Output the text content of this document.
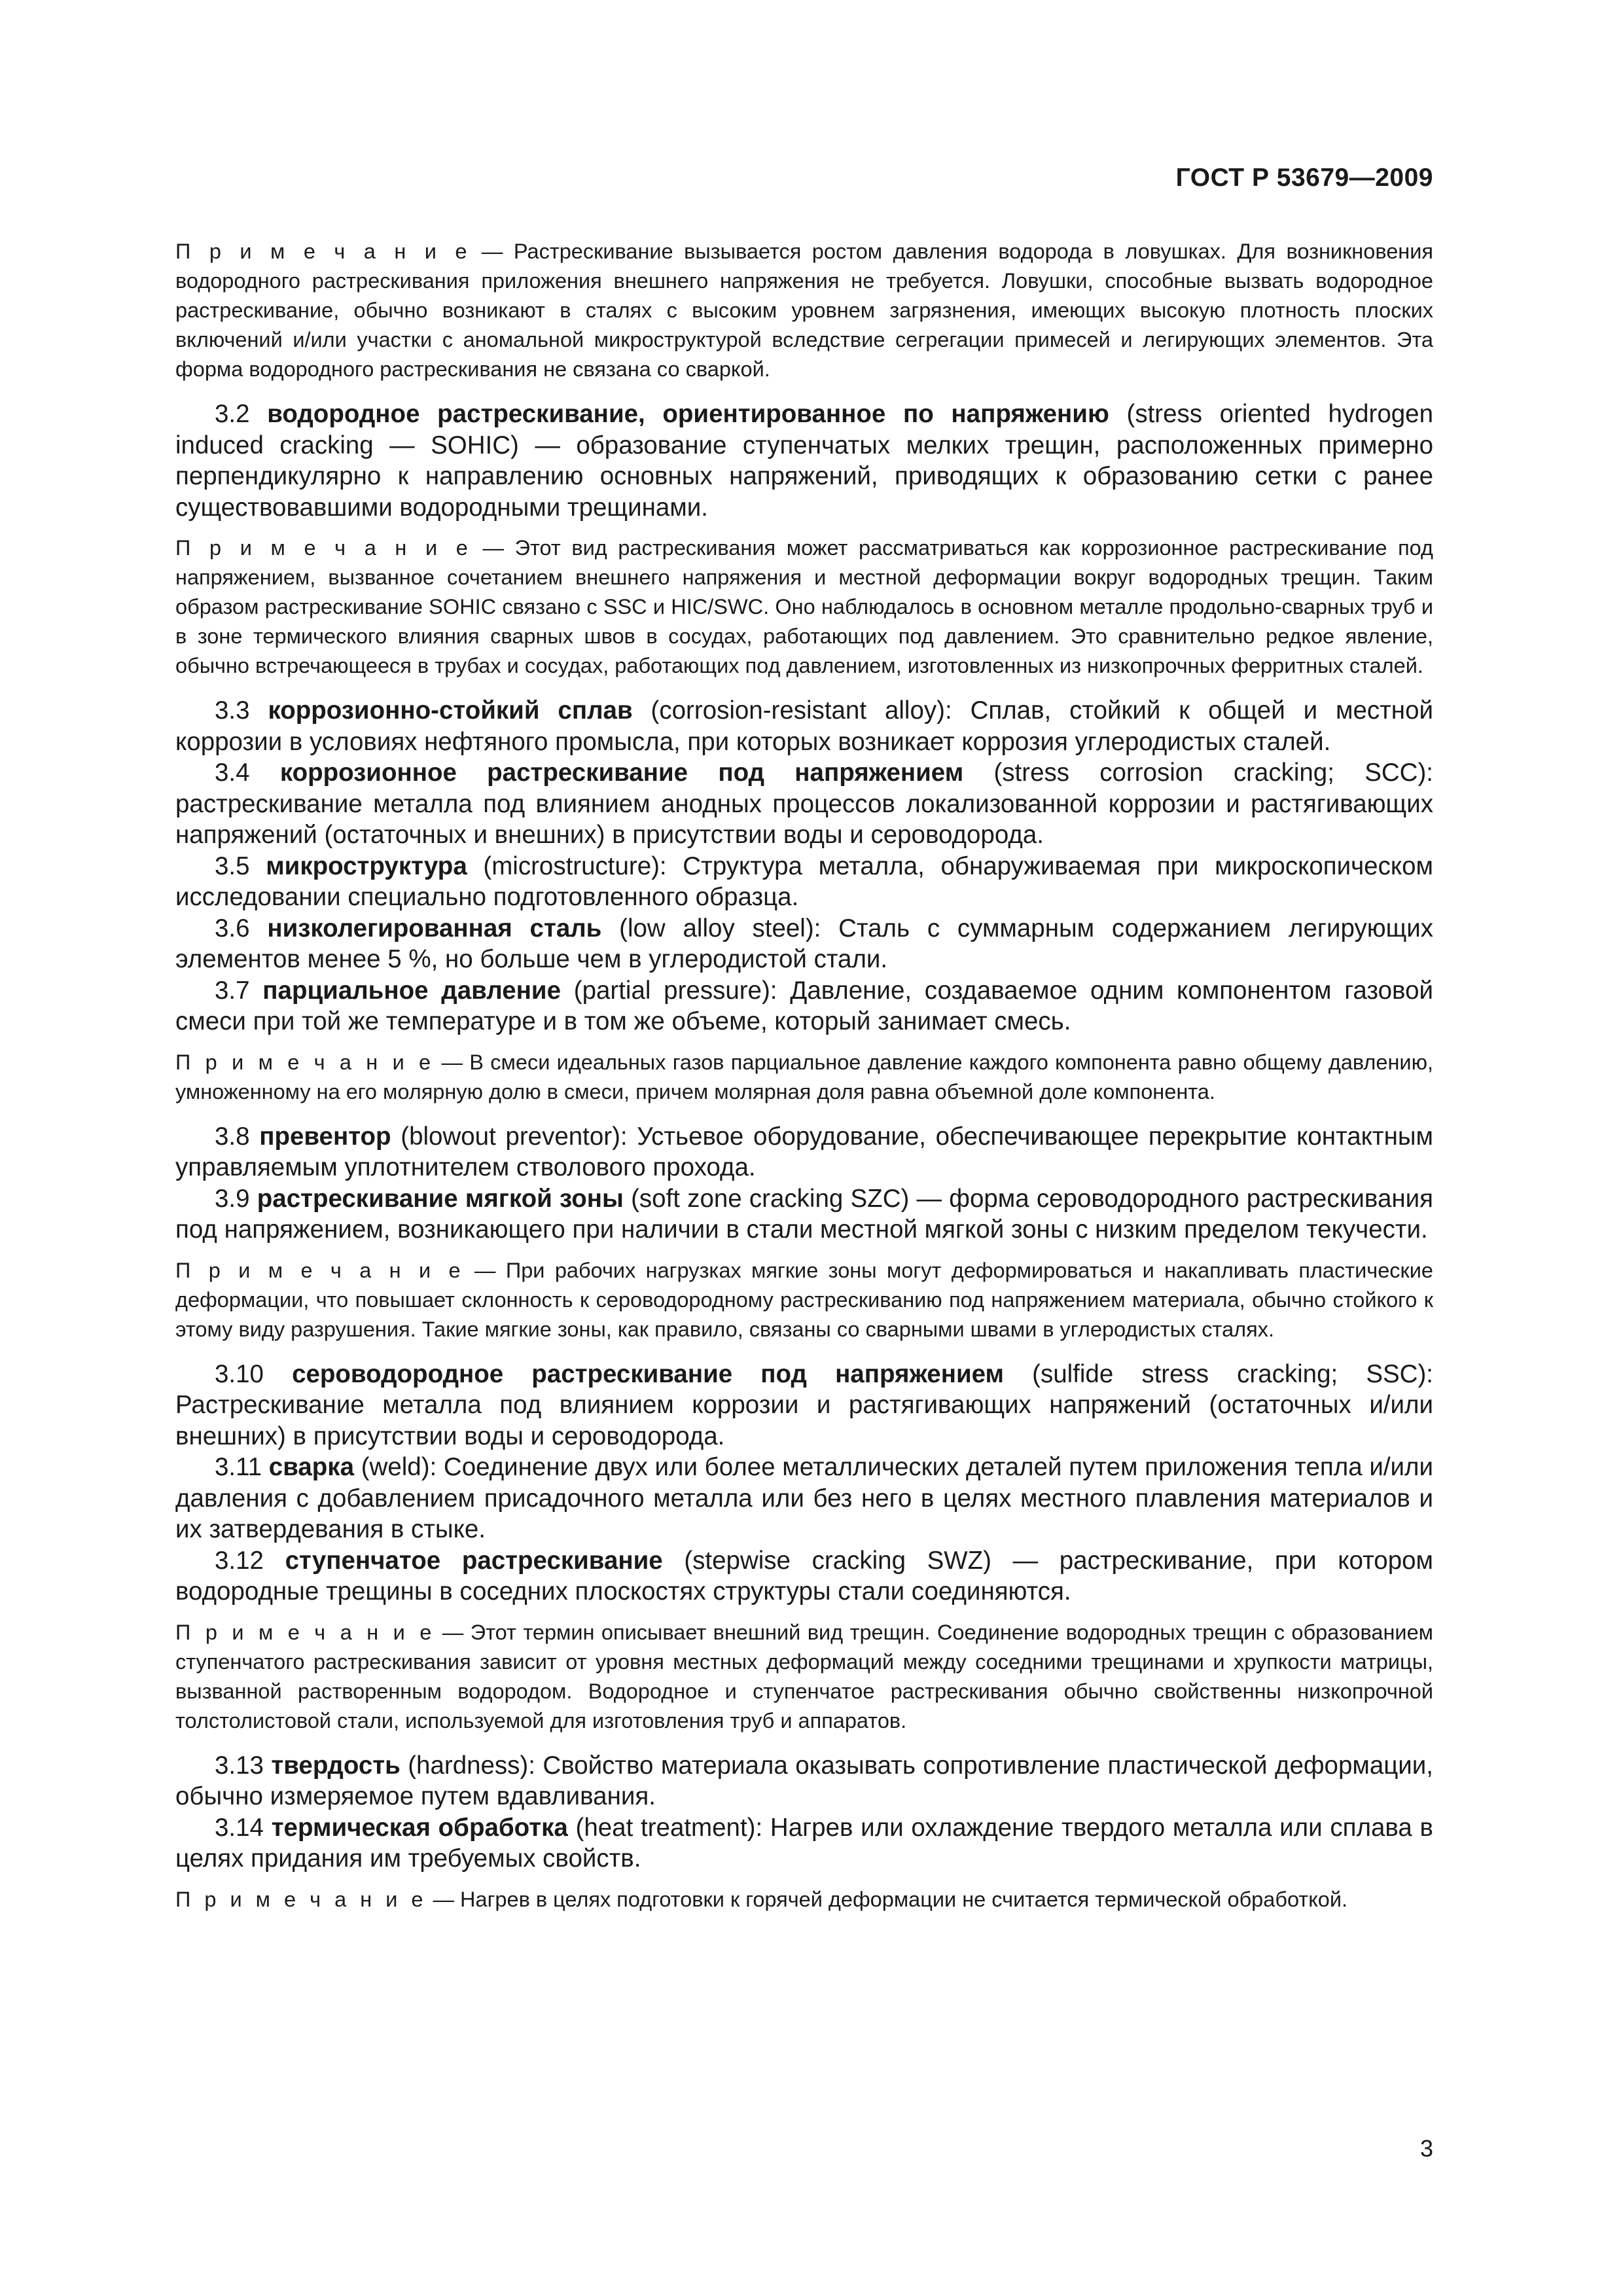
ГОСТ Р 53679—2009

П р и м е ч а н и е — Растрескивание вызывается ростом давления водорода в ловушках. Для возникновения водородного растрескивания приложения внешнего напряжения не требуется. Ловушки, способные вызвать водородное растрескивание, обычно возникают в сталях с высоким уровнем загрязнения, имеющих высокую плотность плоских включений и/или участки с аномальной микроструктурой вследствие сегрегации примесей и легирующих элементов. Эта форма водородного растрескивания не связана со сваркой.

3.2 водородное растрескивание, ориентированное по напряжению (stress oriented hydrogen induced cracking — SOHIC) — образование ступенчатых мелких трещин, расположенных примерно перпендикулярно к направлению основных напряжений, приводящих к образованию сетки с ранее существовавшими водородными трещинами.

П р и м е ч а н и е — Этот вид растрескивания может рассматриваться как коррозионное растрескивание под напряжением, вызванное сочетанием внешнего напряжения и местной деформации вокруг водородных трещин. Таким образом растрескивание SOHIC связано с SSC и HIC/SWC. Оно наблюдалось в основном металле продольно-сварных труб и в зоне термического влияния сварных швов в сосудах, работающих под давлением. Это сравнительно редкое явление, обычно встречающееся в трубах и сосудах, работающих под давлением, изготовленных из низкопрочных ферритных сталей.

3.3 коррозионно-стойкий сплав (corrosion-resistant alloy): Сплав, стойкий к общей и местной коррозии в условиях нефтяного промысла, при которых возникает коррозия углеродистых сталей.

3.4 коррозионное растрескивание под напряжением (stress corrosion cracking; SCC): растрескивание металла под влиянием анодных процессов локализованной коррозии и растягивающих напряжений (остаточных и внешних) в присутствии воды и сероводорода.

3.5 микроструктура (microstructure): Структура металла, обнаруживаемая при микроскопическом исследовании специально подготовленного образца.

3.6 низколегированная сталь (low alloy steel): Сталь с суммарным содержанием легирующих элементов менее 5 %, но больше чем в углеродистой стали.

3.7 парциальное давление (partial pressure): Давление, создаваемое одним компонентом газовой смеси при той же температуре и в том же объеме, который занимает смесь.

П р и м е ч а н и е — В смеси идеальных газов парциальное давление каждого компонента равно общему давлению, умноженному на его молярную долю в смеси, причем молярная доля равна объемной доле компонента.

3.8 превентор (blowout preventor): Устьевое оборудование, обеспечивающее перекрытие контактным управляемым уплотнителем стволового прохода.

3.9 растрескивание мягкой зоны (soft zone cracking SZC) — форма сероводородного растрескивания под напряжением, возникающего при наличии в стали местной мягкой зоны с низким пределом текучести.

П р и м е ч а н и е — При рабочих нагрузках мягкие зоны могут деформироваться и накапливать пластические деформации, что повышает склонность к сероводородному растрескиванию под напряжением материала, обычно стойкого к этому виду разрушения. Такие мягкие зоны, как правило, связаны со сварными швами в углеродистых сталях.

3.10 сероводородное растрескивание под напряжением (sulfide stress cracking; SSC): Растрескивание металла под влиянием коррозии и растягивающих напряжений (остаточных и/или внешних) в присутствии воды и сероводорода.

3.11 сварка (weld): Соединение двух или более металлических деталей путем приложения тепла и/или давления с добавлением присадочного металла или без него в целях местного плавления материалов и их затвердевания в стыке.

3.12 ступенчатое растрескивание (stepwise cracking SWZ) — растрескивание, при котором водородные трещины в соседних плоскостях структуры стали соединяются.

П р и м е ч а н и е — Этот термин описывает внешний вид трещин. Соединение водородных трещин с образованием ступенчатого растрескивания зависит от уровня местных деформаций между соседними трещинами и хрупкости матрицы, вызванной растворенным водородом. Водородное и ступенчатое растрескивания обычно свойственны низкопрочной толстолистовой стали, используемой для изготовления труб и аппаратов.

3.13 твердость (hardness): Свойство материала оказывать сопротивление пластической деформации, обычно измеряемое путем вдавливания.

3.14 термическая обработка (heat treatment): Нагрев или охлаждение твердого металла или сплава в целях придания им требуемых свойств.

П р и м е ч а н и е — Нагрев в целях подготовки к горячей деформации не считается термической обработкой.

3
